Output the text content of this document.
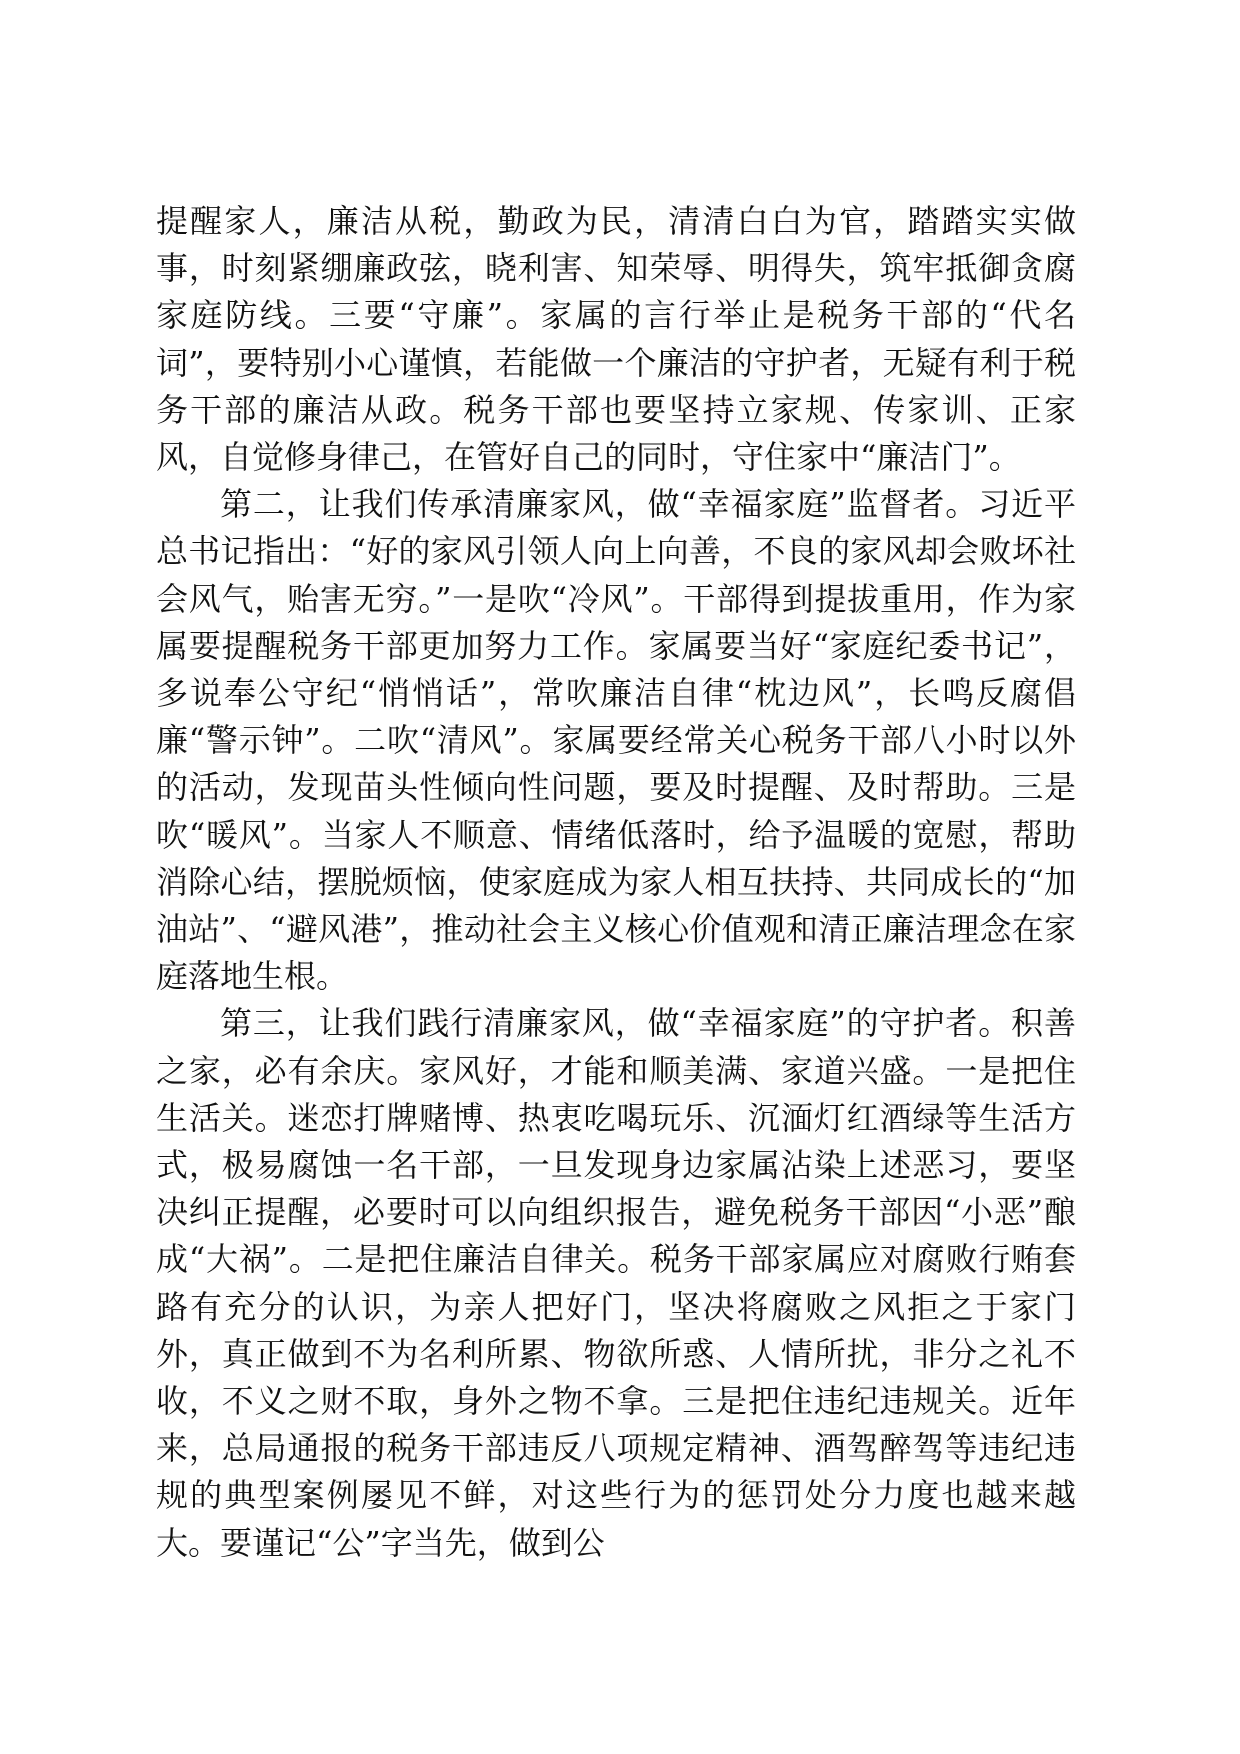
提醒家人，廉洁从税，勤政为民，清清白白为官，踏踏实实做事，时刻紧绷廉政弦，晓利害、知荣辱、明得失，筑牢抵御贪腐家庭防线。三要“守廉”。家属的言行举止是税务干部的“代名词”，要特别小心谨慎，若能做一个廉洁的守护者，无疑有利于税务干部的廉洁从政。税务干部也要坚持立家规、传家训、正家风，自觉修身律己，在管好自己的同时，守住家中“廉洁门”。

第二，让我们传承清廉家风，做“幸福家庭”监督者。习近平总书记指出：“好的家风引领人向上向善，不良的家风却会败坏社会风气，贻害无穷。”一是吹“冷风”。干部得到提拔重用，作为家属要提醒税务干部更加努力工作。家属要当好“家庭纪委书记”，多说奉公守纪“悄悄话”，常吹廉洁自律“枕边风”，长鸣反腐倡廉“警示钟”。二吹“清风”。家属要经常关心税务干部八小时以外的活动，发现苗头性倾向性问题，要及时提醒、及时帮助。三是吹“暖风”。当家人不顺意、情绪低落时，给予温暖的宽慰，帮助消除心结，摆脱烦恼，使家庭成为家人相互扶持、共同成长的“加油站”、“避风港”，推动社会主义核心价值观和清正廉洁理念在家庭落地生根。

第三，让我们践行清廉家风，做“幸福家庭”的守护者。积善之家，必有余庆。家风好，才能和顺美满、家道兴盛。一是把住生活关。迷恋打牌赌博、热衷吃喝玩乐、沉湎灯红酒绿等生活方式，极易腐蚀一名干部，一旦发现身边家属沾染上述恶习，要坚决纠正提醒，必要时可以向组织报告，避免税务干部因“小恶”酿成“大祸”。二是把住廉洁自律关。税务干部家属应对腐败行贿套路有充分的认识，为亲人把好门，坚决将腐败之风拒之于家门外，真正做到不为名利所累、物欲所惑、人情所扰，非分之礼不收，不义之财不取，身外之物不拿。三是把住违纪违规关。近年来，总局通报的税务干部违反八项规定精神、酒驾醉驾等违纪违规的典型案例屡见不鲜，对这些行为的惩罚处分力度也越来越大。要谨记“公”字当先，做到公
